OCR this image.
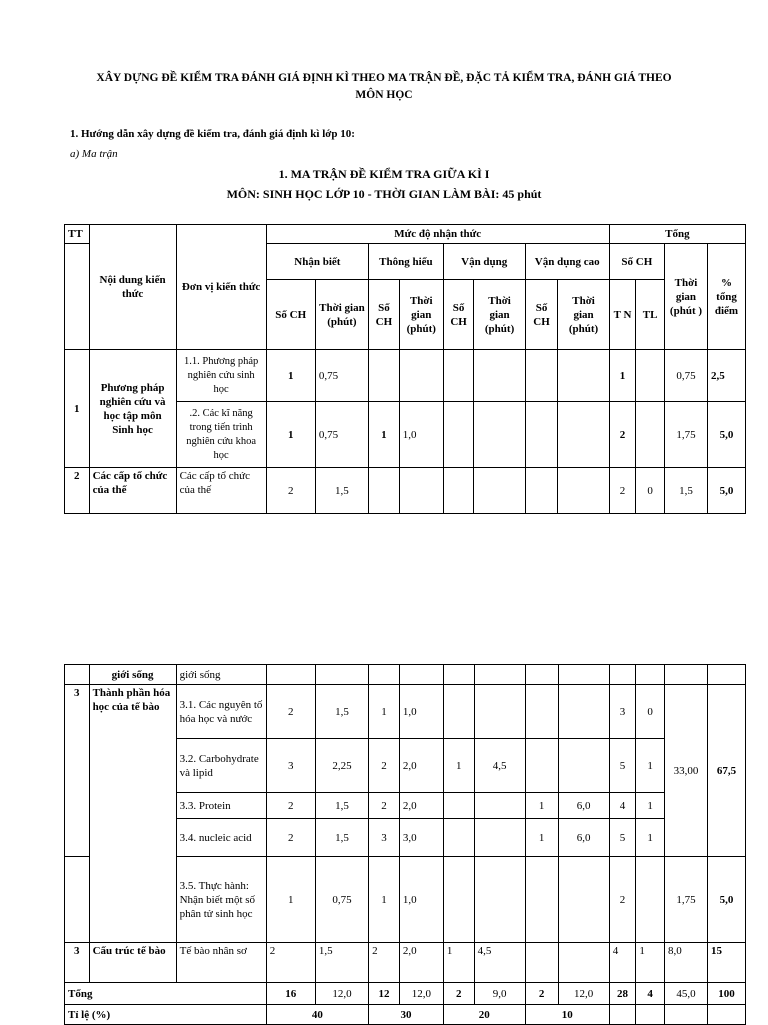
XÂY DỰNG ĐỀ KIỂM TRA ĐÁNH GIÁ ĐỊNH KÌ THEO MA TRẬN ĐỀ, ĐẶC TẢ KIỂM TRA, ĐÁNH GIÁ THEO
MÔN HỌC
1. Hướng dẫn xây dựng đề kiểm tra, đánh giá định kì lớp 10:
a) Ma trận
1. MA TRẬN ĐỀ KIỂM TRA GIỮA KÌ I
MÔN: SINH HỌC LỚP 10 - THỜI GIAN LÀM BÀI: 45 phút
TT	Nội dung kiến thức	Đơn vị kiến thức	Mức độ nhận thức								Tổng			
			Nhận biết		Thông hiểu		Vận dụng		Vận dụng cao		Số CH		Thời gian (phút )	% tổng điểm
			Số CH	Thời gian (phút)	Số CH	Thời gian (phút)	Số CH	Thời gian (phút)	Số CH	Thời gian (phút)	T N	TL		
1	Phương pháp nghiên cứu và học tập môn Sinh học	1.1. Phương pháp nghiên cứu sinh học	1	0,75							1		0,75	2,5
		.2. Các kĩ năng trong tiến trình nghiên cứu khoa học	1	0,75	1	1,0					2		1,75	5,0
2	Các cấp tổ chức của thế	Các cấp tổ chức của thế	2	1,5							2	0	1,5	5,0
	giới sống	giới sống												
3	Thành phần hóa học của tế bào	3.1. Các nguyên tố hóa học và nước	2	1,5	1	1,0					3	0	33,00	67,5
		3.2. Carbohydrate và lipid	3	2,25	2	2,0	1	4,5			5	1		
		3.3. Protein	2	1,5	2	2,0			1	6,0	4	1		
		3.4. nucleic acid	2	1,5	3	3,0			1	6,0	5	1		
		3.5. Thực hành: Nhận biết một số phân tử sinh học	1	0,75	1	1,0					2		1,75	5,0
3	Cấu trúc tế bào	Tế bào nhân sơ	2	1,5	2	2,0	1	4,5			4	1	8,0	15
Tổng			16	12,0	12	12,0	2	9,0	2	12,0	28	4	45,0	100
Tỉ lệ (%)			40		30		20		10					
